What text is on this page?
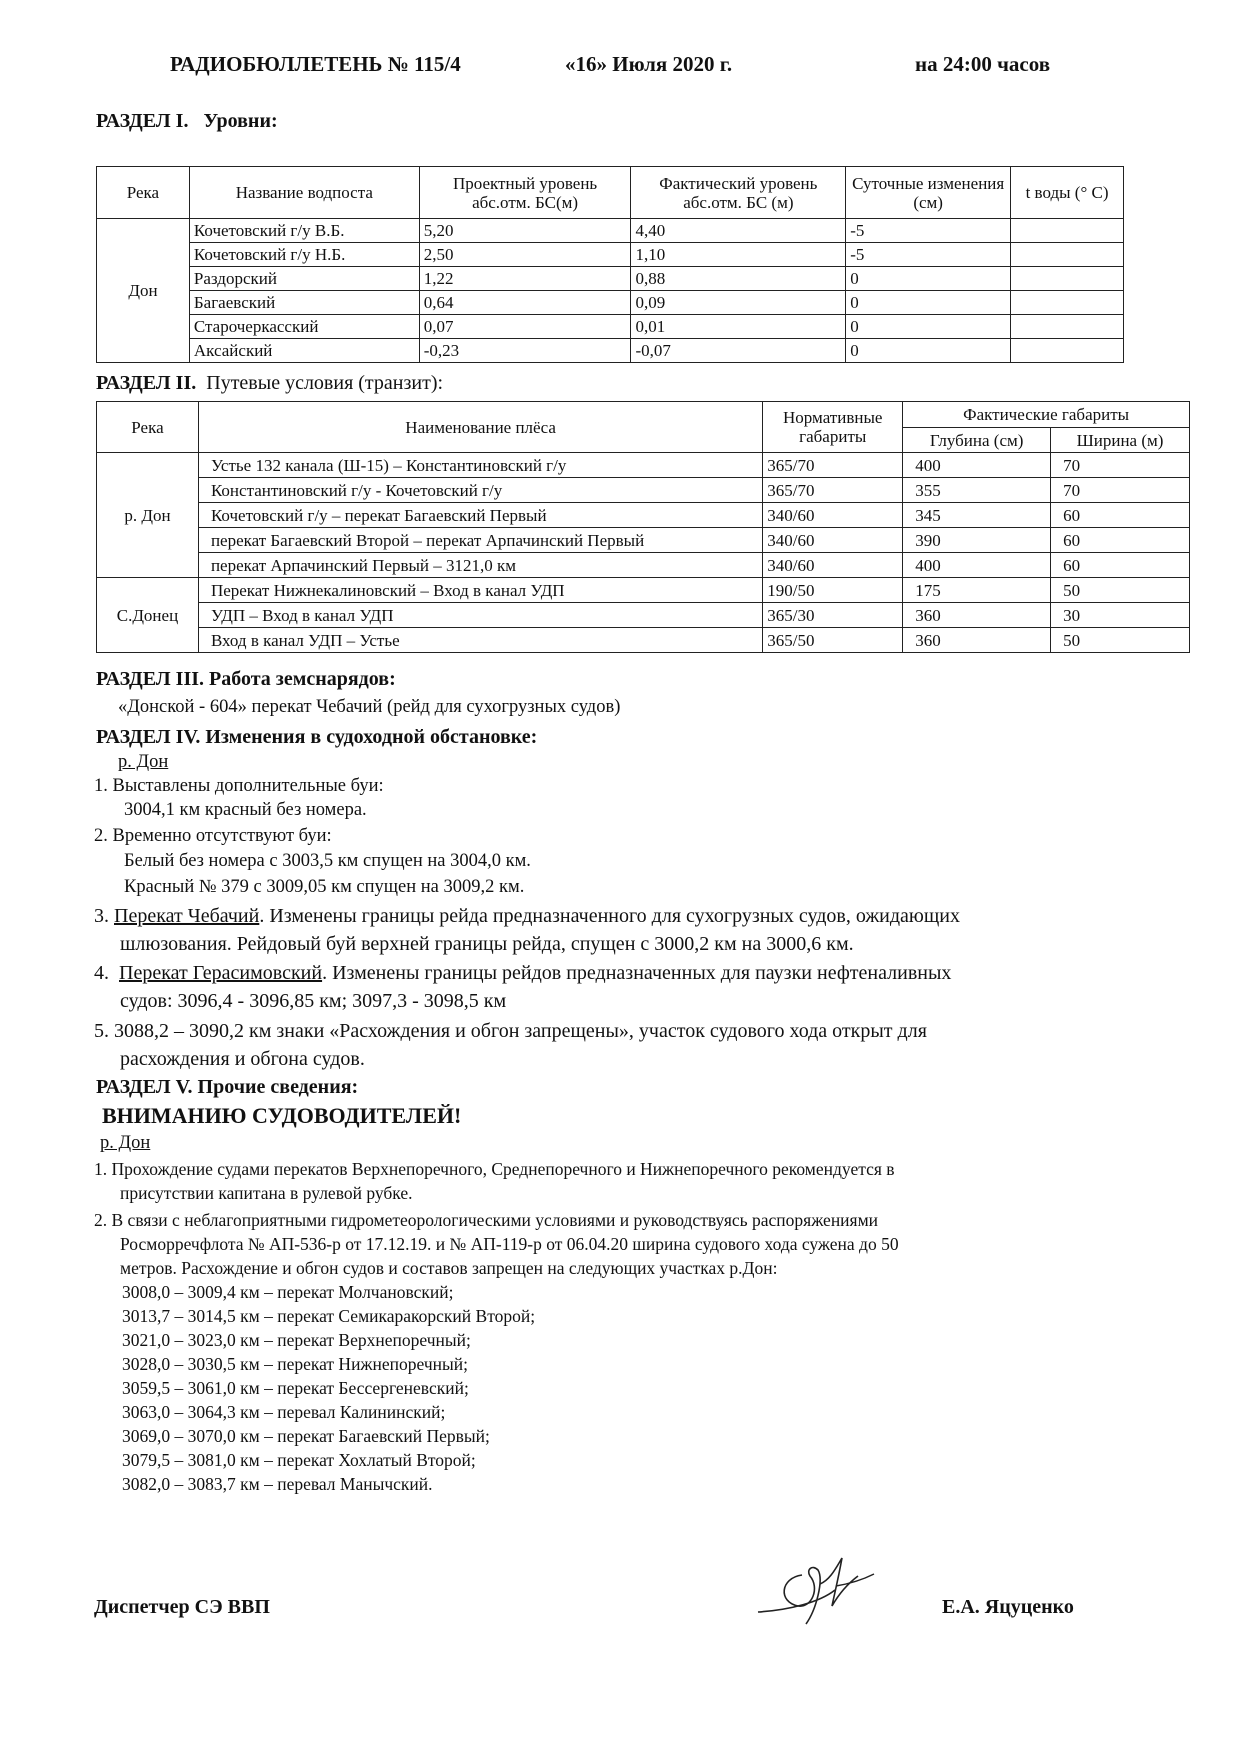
РАДИОБЮЛЛЕТЕНЬ № 115/4	«16» Июля 2020 г.	на 24:00 часов
РАЗДЕЛ I. Уровни:
Река	Название водпоста	Проектный уровень абс.отм. БС(м)	Фактический уровень абс.отм. БС (м)	Суточные изменения (см)	t воды (° C)
Дон	Кочетовский г/у В.Б.	5,20	4,40	-5	
	Кочетовский г/у Н.Б.	2,50	1,10	-5	
	Раздорский	1,22	0,88	0	
	Багаевский	0,64	0,09	0	
	Старочеркасский	0,07	0,01	0	
	Аксайский	-0,23	-0,07	0	
РАЗДЕЛ II. Путевые условия (транзит):
Река	Наименование плёса	Нормативные габариты	Фактические габариты	
			Глубина (см)	Ширина (м)
р. Дон	Устье 132 канала (Ш-15) – Константиновский г/у	365/70	400	70
	Константиновский г/у - Кочетовский г/у	365/70	355	70
	Кочетовский г/у – перекат Багаевский Первый	340/60	345	60
	перекат Багаевский Второй – перекат Арпачинский Первый	340/60	390	60
	перекат Арпачинский Первый – 3121,0 км	340/60	400	60
С.Донец	Перекат Нижнекалиновский – Вход в канал УДП	190/50	175	50
	УДП – Вход в канал УДП	365/30	360	30
	Вход в канал УДП – Устье	365/50	360	50
РАЗДЕЛ III. Работа земснарядов:
«Донской - 604» перекат Чебачий (рейд для сухогрузных судов)
РАЗДЕЛ IV. Изменения в судоходной обстановке:
р. Дон
1. Выставлены дополнительные буи:
3004,1 км красный без номера.
2. Временно отсутствуют буи:
Белый без номера с 3003,5 км спущен на 3004,0 км.
Красный № 379 с 3009,05 км спущен на 3009,2 км.
3. Перекат Чебачий. Изменены границы рейда предназначенного для сухогрузных судов, ожидающих
шлюзования. Рейдовый буй верхней границы рейда, спущен с 3000,2 км на 3000,6 км.
4. Перекат Герасимовский. Изменены границы рейдов предназначенных для паузки нефтеналивных
судов: 3096,4 - 3096,85 км; 3097,3 - 3098,5 км
5. 3088,2 – 3090,2 км знаки «Расхождения и обгон запрещены», участок судового хода открыт для
расхождения и обгона судов.
РАЗДЕЛ V. Прочие сведения:
ВНИМАНИЮ СУДОВОДИТЕЛЕЙ!
р. Дон
1. Прохождение судами перекатов Верхнепоречного, Среднепоречного и Нижнепоречного рекомендуется в
присутствии капитана в рулевой рубке.
2. В связи с неблагоприятными гидрометеорологическими условиями и руководствуясь распоряжениями
Росморречфлота № АП-536-р от 17.12.19. и № АП-119-р от 06.04.20 ширина судового хода сужена до 50
метров. Расхождение и обгон судов и составов запрещен на следующих участках р.Дон:
3008,0 – 3009,4 км – перекат Молчановский;
3013,7 – 3014,5 км – перекат Семикаракорский Второй;
3021,0 – 3023,0 км – перекат Верхнепоречный;
3028,0 – 3030,5 км – перекат Нижнепоречный;
3059,5 – 3061,0 км – перекат Бессергеневский;
3063,0 – 3064,3 км – перевал Калининский;
3069,0 – 3070,0 км – перекат Багаевский Первый;
3079,5 – 3081,0 км – перекат Хохлатый Второй;
3082,0 – 3083,7 км – перевал Манычский.
Диспетчер СЭ ВВП	Е.А. Яцуценко
